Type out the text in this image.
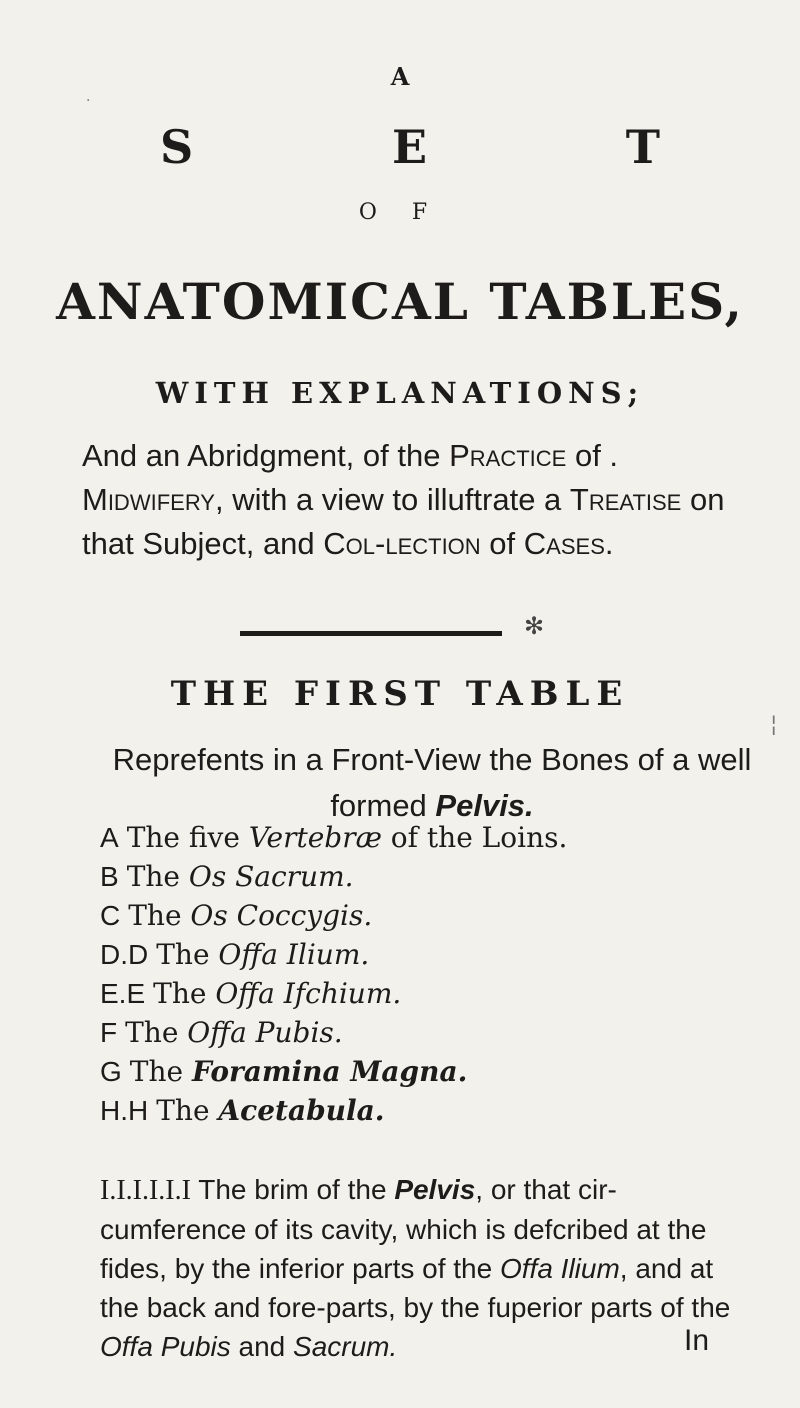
A
S	E	T
O F
ANATOMICAL TABLES,
WITH EXPLANATIONS;
And an Abridgment, of the Practice of . Midwifery, with a view to illuftrate a Treatise on that Subject, and Col-lection of Cases.
✻
THE FIRST TABLE
Reprefents in a Front-View the Bones of a well formed Pelvis.
A The five Vertebræ of the Loins.
B The Os Sacrum.
C The Os Coccygis.
D.D The Offa Ilium.
E.E The Offa Ifchium.
F The Offa Pubis.
G The Foramina Magna.
H.H The Acetabula.
I.I.I.I.I.I The brim of the Pelvis, or that cir-cumference of its cavity, which is defcribed at the fides, by the inferior parts of the Offa Ilium, and at the back and fore-parts, by the fuperior parts of the Offa Pubis and Sacrum.	In
¦
·
